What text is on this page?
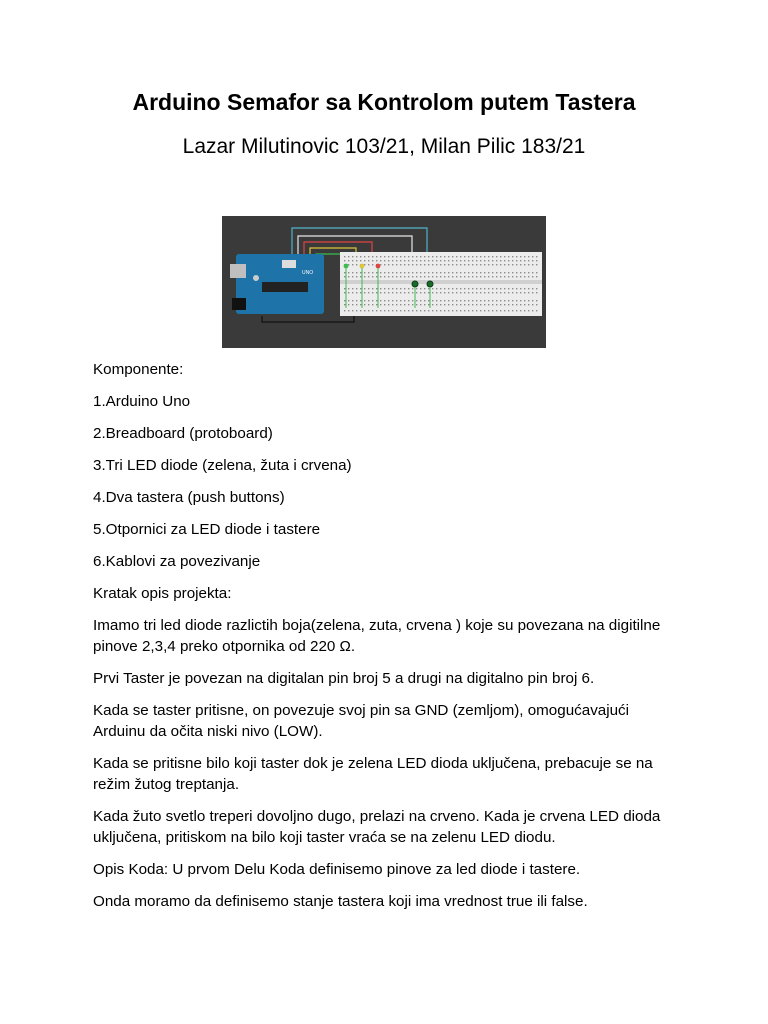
Arduino Semafor sa Kontrolom putem Tastera
Lazar Milutinovic 103/21, Milan Pilic 183/21
UNO

Komponente:

1.Arduino Uno

2.Breadboard (protoboard)

3.Tri LED diode (zelena, žuta i crvena)

4.Dva tastera (push buttons)

5.Otpornici za LED diode i tastere

6.Kablovi za povezivanje

Kratak opis projekta:

Imamo tri led diode razlictih boja(zelena, zuta, crvena ) koje su povezana na digitilne pinove 2,3,4 preko otpornika od 220 Ω.

Prvi Taster je povezan na digitalan pin broj 5 a drugi na digitalno pin broj 6.

Kada se taster pritisne, on povezuje svoj pin sa GND (zemljom), omogućavajući Arduinu da očita niski nivo (LOW).

Kada se pritisne bilo koji taster dok je zelena LED dioda uključena, prebacuje se na režim žutog treptanja.

Kada žuto svetlo treperi dovoljno dugo, prelazi na crveno. Kada je crvena LED dioda uključena, pritiskom na bilo koji taster vraća se na zelenu LED diodu.

Opis Koda: U prvom Delu Koda definisemo pinove za led diode i tastere.

Onda moramo da definisemo stanje tastera koji ima vrednost true ili false.
